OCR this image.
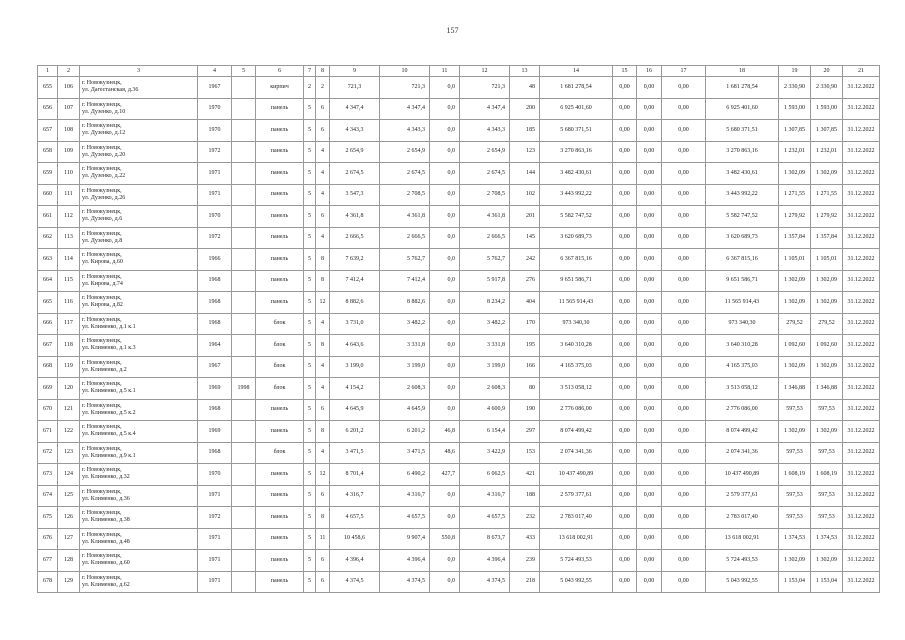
157
1	2	3	4	5	6	7	8	9	10	11	12	13	14	15	16	17	18	19	20	21
655	106	г. Новокузнецк,
ул. Дагестанская, д.36	1967		кирпич	2	2	721,3	721,3	0,0	721,3	48	1 681 278,54	0,00	0,00	0,00	1 681 278,54	2 330,90	2 330,90	31.12.2022
656	107	г. Новокузнецк,
ул. Дузенко, д.10	1970		панель	5	6	4 347,4	4 347,4	0,0	4 347,4	200	6 925 401,60	0,00	0,00	0,00	6 925 401,60	1 593,00	1 593,00	31.12.2022
657	108	г. Новокузнецк,
ул. Дузенко, д.12	1970		панель	5	6	4 343,3	4 343,3	0,0	4 343,3	185	5 680 371,51	0,00	0,00	0,00	5 680 371,51	1 307,85	1 307,85	31.12.2022
658	109	г. Новокузнецк,
ул. Дузенко, д.20	1972		панель	5	4	2 654,9	2 654,9	0,0	2 654,9	123	3 270 863,16	0,00	0,00	0,00	3 270 863,16	1 232,01	1 232,01	31.12.2022
659	110	г. Новокузнецк,
ул. Дузенко, д.22	1971		панель	5	4	2 674,5	2 674,5	0,0	2 674,5	144	3 482 430,61	0,00	0,00	0,00	3 482 430,61	1 302,09	1 302,09	31.12.2022
660	111	г. Новокузнецк,
ул. Дузенко, д.26	1971		панель	5	4	3 547,3	2 708,5	0,0	2 708,5	102	3 443 992,22	0,00	0,00	0,00	3 443 992,22	1 271,55	1 271,55	31.12.2022
661	112	г. Новокузнецк,
ул. Дузенко, д.6	1970		панель	5	6	4 361,8	4 361,8	0,0	4 361,8	201	5 582 747,52	0,00	0,00	0,00	5 582 747,52	1 279,92	1 279,92	31.12.2022
662	113	г. Новокузнецк,
ул. Дузенко, д.8	1972		панель	5	4	2 666,5	2 666,5	0,0	2 666,5	145	3 620 689,73	0,00	0,00	0,00	3 620 689,73	1 357,84	1 357,84	31.12.2022
663	114	г. Новокузнецк,
ул. Кирова, д.60	1966		панель	5	8	7 639,2	5 762,7	0,0	5 762,7	242	6 367 815,16	0,00	0,00	0,00	6 367 815,16	1 105,01	1 105,01	31.12.2022
664	115	г. Новокузнецк,
ул. Кирова, д.74	1968		панель	5	8	7 412,4	7 412,4	0,0	5 917,8	276	9 651 586,71	0,00	0,00	0,00	9 651 586,71	1 302,09	1 302,09	31.12.2022
665	116	г. Новокузнецк,
ул. Кирова, д.82	1968		панель	5	12	8 882,6	8 882,6	0,0	8 234,2	404	11 565 914,43	0,00	0,00	0,00	11 565 914,43	1 302,09	1 302,09	31.12.2022
666	117	г. Новокузнецк,
ул. Клименко, д.1 к.1	1968		блок	5	4	3 731,0	3 482,2	0,0	3 482,2	170	973 340,30	0,00	0,00	0,00	973 340,30	279,52	279,52	31.12.2022
667	118	г. Новокузнецк,
ул. Клименко, д.1 к.3	1964		блок	5	8	4 643,6	3 331,8	0,0	3 331,8	195	3 640 310,28	0,00	0,00	0,00	3 640 310,28	1 092,60	1 092,60	31.12.2022
668	119	г. Новокузнецк,
ул. Клименко, д.2	1967		блок	5	4	3 199,0	3 199,0	0,0	3 199,0	166	4 165 375,03	0,00	0,00	0,00	4 165 375,03	1 302,09	1 302,09	31.12.2022
669	120	г. Новокузнецк,
ул. Клименко, д.5 к.1	1969	1998	блок	5	4	4 154,2	2 608,3	0,0	2 608,3	80	3 513 058,12	0,00	0,00	0,00	3 513 058,12	1 346,88	1 346,88	31.12.2022
670	121	г. Новокузнецк,
ул. Клименко, д.5 к.2	1968		панель	5	6	4 645,9	4 645,9	0,0	4 600,9	190	2 776 086,00	0,00	0,00	0,00	2 776 086,00	597,53	597,53	31.12.2022
671	122	г. Новокузнецк,
ул. Клименко, д.5 к.4	1969		панель	5	8	6 201,2	6 201,2	46,8	6 154,4	297	8 074 499,42	0,00	0,00	0,00	8 074 499,42	1 302,09	1 302,09	31.12.2022
672	123	г. Новокузнецк,
ул. Клименко, д.9 к.1	1968		блок	5	4	3 471,5	3 471,5	48,6	3 422,9	153	2 074 341,36	0,00	0,00	0,00	2 074 341,36	597,53	597,53	31.12.2022
673	124	г. Новокузнецк,
ул. Клименко, д.32	1970		панель	5	12	8 701,4	6 490,2	427,7	6 062,5	421	10 437 490,89	0,00	0,00	0,00	10 437 490,89	1 608,19	1 608,19	31.12.2022
674	125	г. Новокузнецк,
ул. Клименко, д.36	1971		панель	5	6	4 316,7	4 316,7	0,0	4 316,7	188	2 579 377,61	0,00	0,00	0,00	2 579 377,61	597,53	597,53	31.12.2022
675	126	г. Новокузнецк,
ул. Клименко, д.38	1972		панель	5	8	4 657,5	4 657,5	0,0	4 657,5	232	2 783 017,40	0,00	0,00	0,00	2 783 017,40	597,53	597,53	31.12.2022
676	127	г. Новокузнецк,
ул. Клименко, д.48	1971		панель	5	11	10 458,6	9 907,4	550,8	8 673,7	433	13 618 002,91	0,00	0,00	0,00	13 618 002,91	1 374,53	1 374,53	31.12.2022
677	128	г. Новокузнецк,
ул. Клименко, д.60	1971		панель	5	6	4 396,4	4 396,4	0,0	4 396,4	239	5 724 493,53	0,00	0,00	0,00	5 724 493,53	1 302,09	1 302,09	31.12.2022
678	129	г. Новокузнецк,
ул. Клименко, д.62	1971		панель	5	6	4 374,5	4 374,5	0,0	4 374,5	218	5 043 992,55	0,00	0,00	0,00	5 043 992,55	1 153,04	1 153,04	31.12.2022
